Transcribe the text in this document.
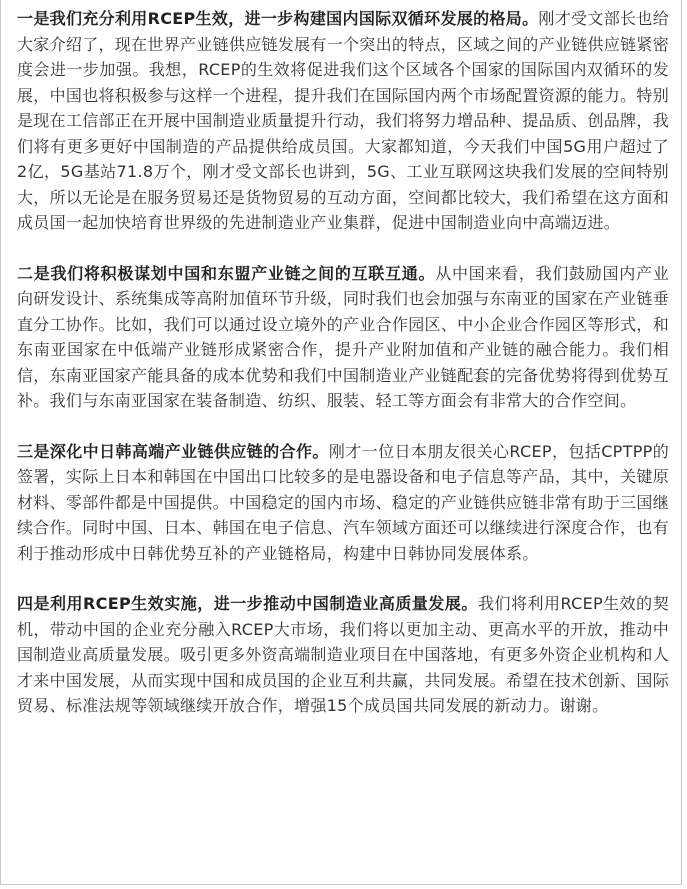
一是我们充分利用RCEP生效，进一步构建国内国际双循环发展的格局。刚才受文部长也给大家介绍了，现在世界产业链供应链发展有一个突出的特点，区域之间的产业链供应链紧密度会进一步加强。我想，RCEP的生效将促进我们这个区域各个国家的国际国内双循环的发展，中国也将积极参与这样一个进程，提升我们在国际国内两个市场配置资源的能力。特别是现在工信部正在开展中国制造业质量提升行动，我们将努力增品种、提品质、创品牌，我们将有更多更好中国制造的产品提供给成员国。大家都知道，今天我们中国5G用户超过了2亿，5G基站71.8万个，刚才受文部长也讲到，5G、工业互联网这块我们发展的空间特别大，所以无论是在服务贸易还是货物贸易的互动方面，空间都比较大，我们希望在这方面和成员国一起加快培育世界级的先进制造业产业集群，促进中国制造业向中高端迈进。

二是我们将积极谋划中国和东盟产业链之间的互联互通。从中国来看，我们鼓励国内产业向研发设计、系统集成等高附加值环节升级，同时我们也会加强与东南亚的国家在产业链垂直分工协作。比如，我们可以通过设立境外的产业合作园区、中小企业合作园区等形式，和东南亚国家在中低端产业链形成紧密合作，提升产业附加值和产业链的融合能力。我们相信，东南亚国家产能具备的成本优势和我们中国制造业产业链配套的完备优势将得到优势互补。我们与东南亚国家在装备制造、纺织、服装、轻工等方面会有非常大的合作空间。

三是深化中日韩高端产业链供应链的合作。刚才一位日本朋友很关心RCEP，包括CPTPP的签署，实际上日本和韩国在中国出口比较多的是电器设备和电子信息等产品，其中，关键原材料、零部件都是中国提供。中国稳定的国内市场、稳定的产业链供应链非常有助于三国继续合作。同时中国、日本、韩国在电子信息、汽车领域方面还可以继续进行深度合作，也有利于推动形成中日韩优势互补的产业链格局，构建中日韩协同发展体系。

四是利用RCEP生效实施，进一步推动中国制造业高质量发展。我们将利用RCEP生效的契机，带动中国的企业充分融入RCEP大市场，我们将以更加主动、更高水平的开放，推动中国制造业高质量发展。吸引更多外资高端制造业项目在中国落地，有更多外资企业机构和人才来中国发展，从而实现中国和成员国的企业互利共赢，共同发展。希望在技术创新、国际贸易、标准法规等领域继续开放合作，增强15个成员国共同发展的新动力。谢谢。
